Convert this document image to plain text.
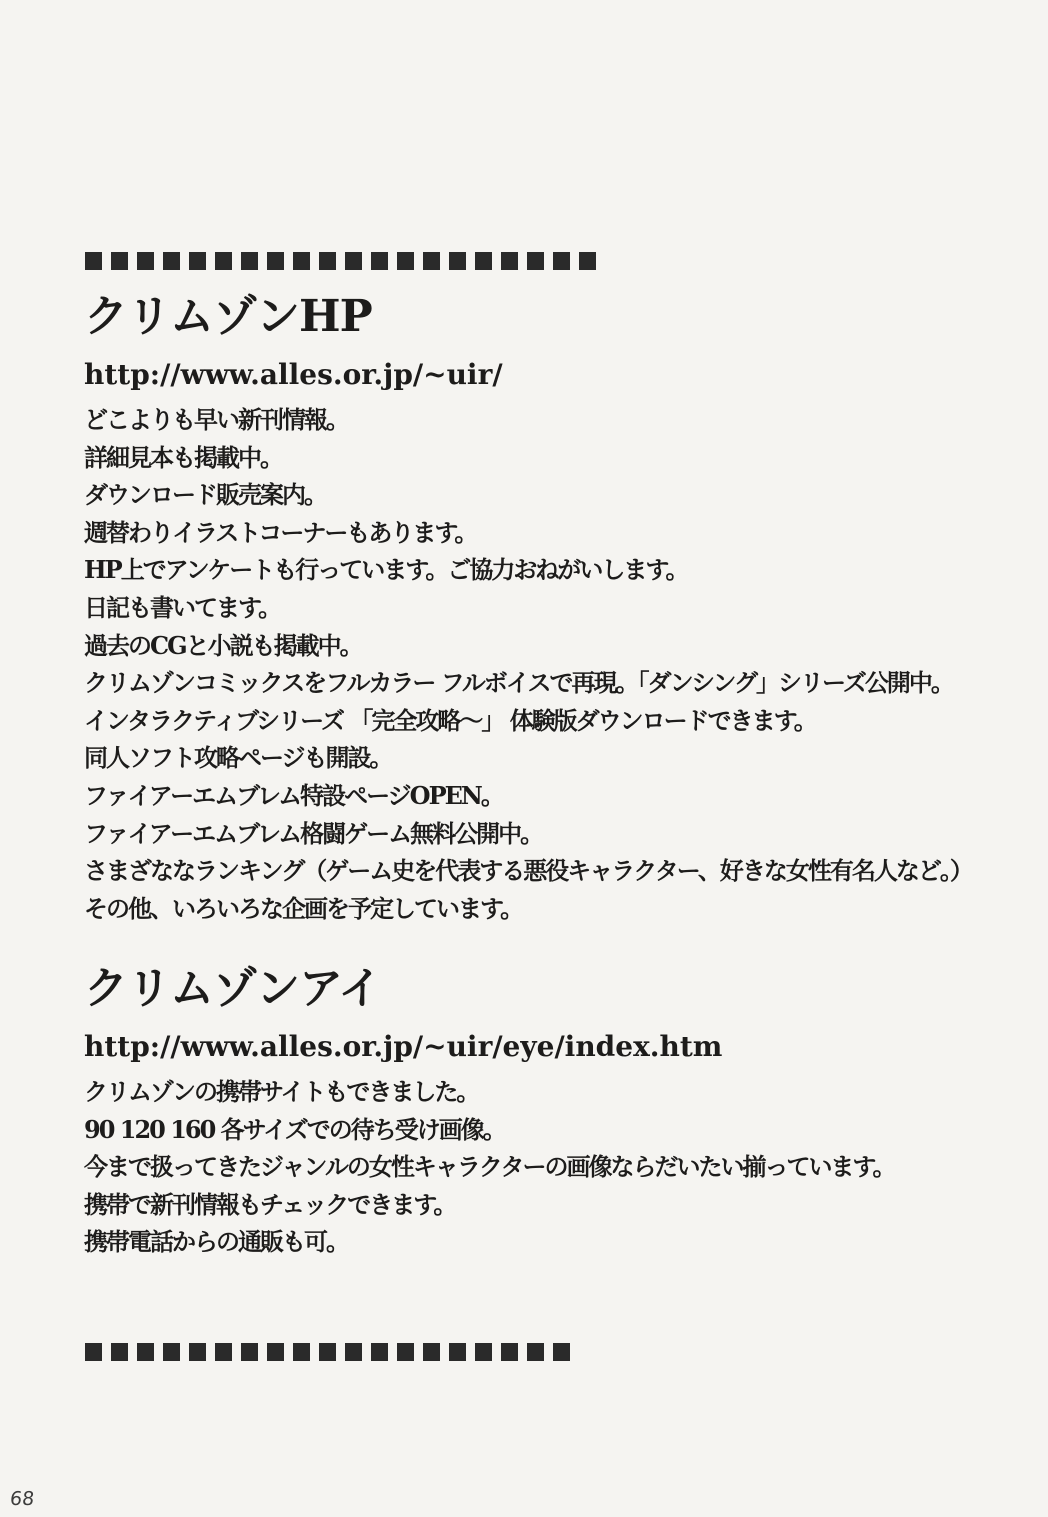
クリムゾンHP
http://www.alles.or.jp/~uir/
どこよりも早い新刊情報。
詳細見本も掲載中。
ダウンロード販売案内。
週替わりイラストコーナーもあります。
HP上でアンケートも行っています。ご協力おねがいします。
日記も書いてます。
過去のCGと小説も掲載中。
クリムゾンコミックスをフルカラー フルボイスで再現。「ダンシング」シリーズ公開中。
インタラクティブシリーズ 「完全攻略～」 体験版ダウンロードできます。
同人ソフト攻略ページも開設。
ファイアーエムブレム特設ページOPEN。
ファイアーエムブレム格闘ゲーム無料公開中。
さまざななランキング（ゲーム史を代表する悪役キャラクター、好きな女性有名人など。）
その他、いろいろな企画を予定しています。
クリムゾンアイ
http://www.alles.or.jp/~uir/eye/index.htm
クリムゾンの携帯サイトもできました。
90 120 160 各サイズでの待ち受け画像。
今まで扱ってきたジャンルの女性キャラクターの画像ならだいたい揃っています。
携帯で新刊情報もチェックできます。
携帯電話からの通販も可。
68
